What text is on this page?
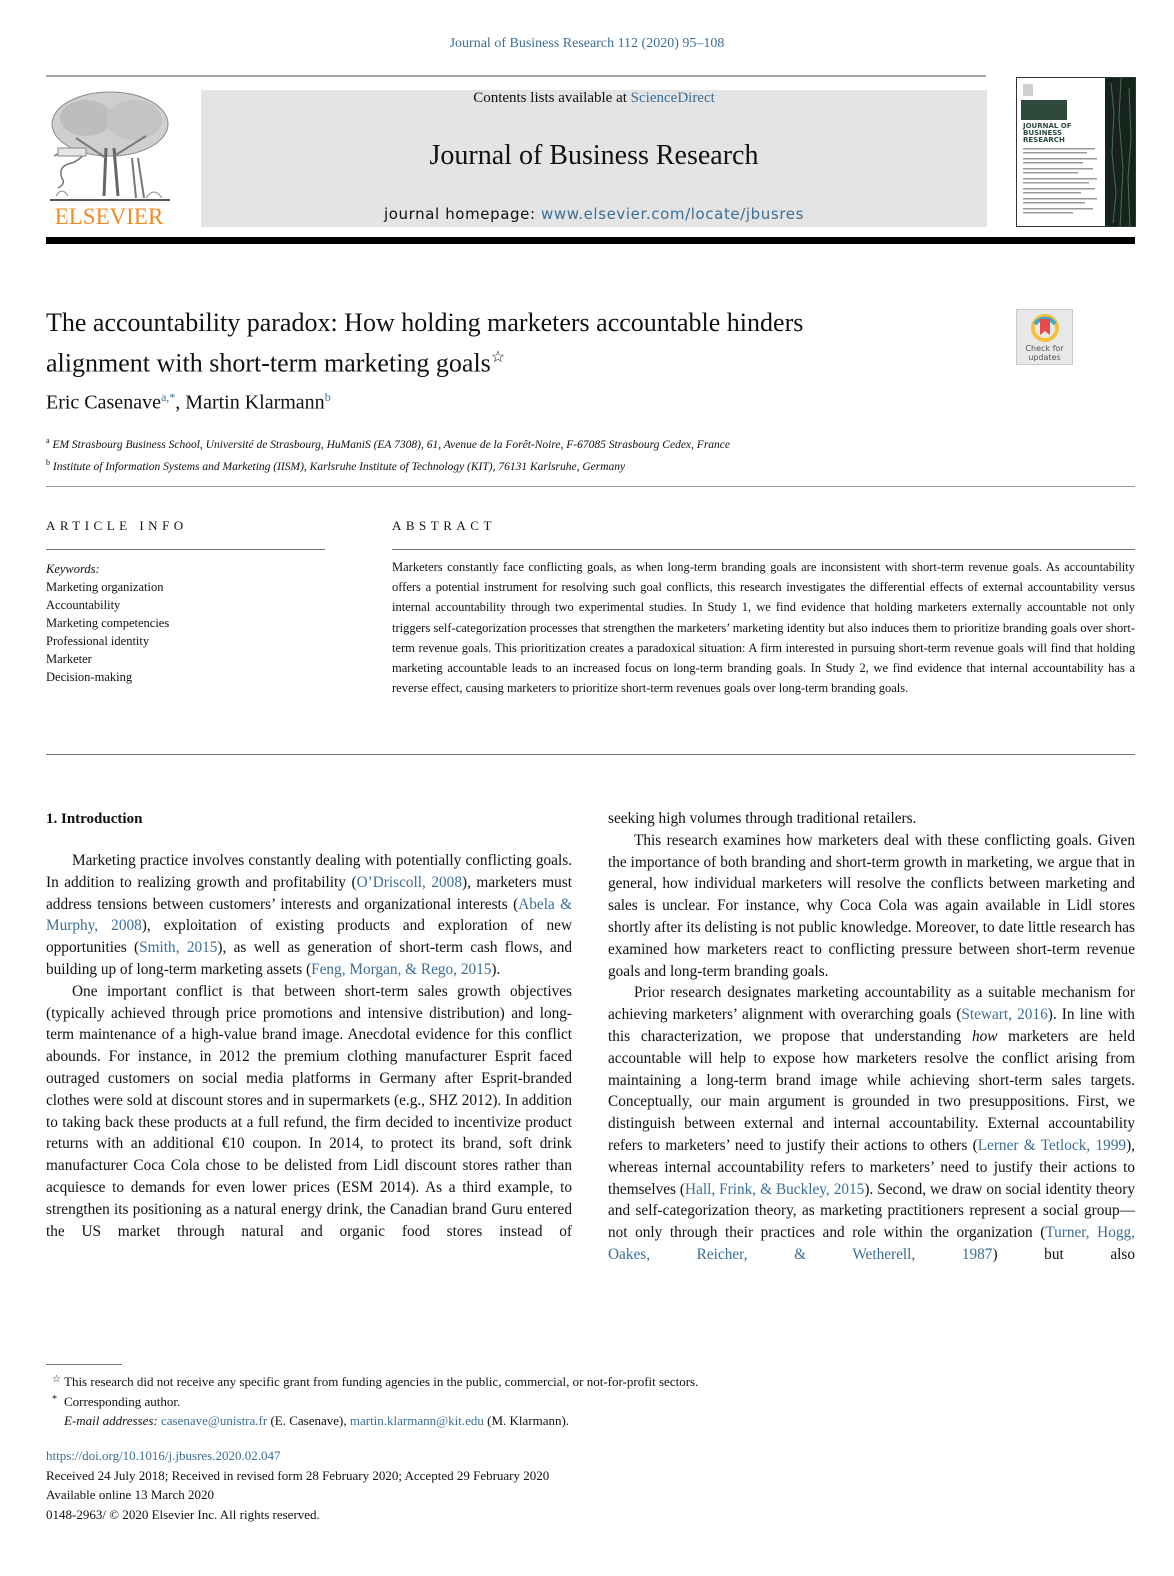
Journal of Business Research 112 (2020) 95–108
ELSEVIER
Contents lists available at ScienceDirect
Journal of Business Research
journal homepage: www.elsevier.com/locate/jbusres
JOURNAL OF
BUSINESS
RESEARCH
The accountability paradox: How holding marketers accountable hinders
alignment with short-term marketing goals☆
Check for updates
Eric Casenave$^{a,*}$, Martin Klarmann$^b$
$^a$ EM Strasbourg Business School, Université de Strasbourg, HuManiS (EA 7308), 61, Avenue de la Forêt-Noire, F-67085 Strasbourg Cedex, France
$^b$ Institute of Information Systems and Marketing (IISM), Karlsruhe Institute of Technology (KIT), 76131 Karlsruhe, Germany
ARTICLE INFO
Keywords:
Marketing organization
Accountability
Marketing competencies
Professional identity
Marketer
Decision-making
ABSTRACT
Marketers constantly face conflicting goals, as when long-term branding goals are inconsistent with short-term revenue goals. As accountability offers a potential instrument for resolving such goal conflicts, this research investigates the differential effects of external accountability versus internal accountability through two experimental studies. In Study 1, we find evidence that holding marketers externally accountable not only triggers self-categorization processes that strengthen the marketers’ marketing identity but also induces them to prioritize branding goals over short-term revenue goals. This prioritization creates a paradoxical situation: A firm interested in pursuing short-term revenue goals will find that holding marketing accountable leads to an increased focus on long-term branding goals. In Study 2, we find evidence that internal accountability has a reverse effect, causing marketers to prioritize short-term revenues goals over long-term branding goals.
1. Introduction

Marketing practice involves constantly dealing with potentially conflicting goals. In addition to realizing growth and profitability (O’Driscoll, 2008), marketers must address tensions between customers’ interests and organizational interests (Abela & Murphy, 2008), exploitation of existing products and exploration of new opportunities (Smith, 2015), as well as generation of short-term cash flows, and building up of long-term marketing assets (Feng, Morgan, & Rego, 2015).

One important conflict is that between short-term sales growth objectives (typically achieved through price promotions and intensive distribution) and long-term maintenance of a high-value brand image. Anecdotal evidence for this conflict abounds. For instance, in 2012 the premium clothing manufacturer Esprit faced outraged customers on social media platforms in Germany after Esprit-branded clothes were sold at discount stores and in supermarkets (e.g., SHZ 2012). In addition to taking back these products at a full refund, the firm decided to incentivize product returns with an additional €10 coupon. In 2014, to protect its brand, soft drink manufacturer Coca Cola chose to be delisted from Lidl discount stores rather than acquiesce to demands for even lower prices (ESM 2014). As a third example, to strengthen its positioning as a natural energy drink, the Canadian brand Guru entered the US market through natural and organic food stores instead of

seeking high volumes through traditional retailers.

This research examines how marketers deal with these conflicting goals. Given the importance of both branding and short-term growth in marketing, we argue that in general, how individual marketers will resolve the conflicts between marketing and sales is unclear. For instance, why Coca Cola was again available in Lidl stores shortly after its delisting is not public knowledge. Moreover, to date little research has examined how marketers react to conflicting pressure between short-term revenue goals and long-term branding goals.

Prior research designates marketing accountability as a suitable mechanism for achieving marketers’ alignment with overarching goals (Stewart, 2016). In line with this characterization, we propose that understanding how marketers are held accountable will help to expose how marketers resolve the conflict arising from maintaining a long-term brand image while achieving short-term sales targets. Conceptually, our main argument is grounded in two presuppositions. First, we distinguish between external and internal accountability. External accountability refers to marketers’ need to justify their actions to others (Lerner & Tetlock, 1999), whereas internal accountability refers to marketers’ need to justify their actions to themselves (Hall, Frink, & Buckley, 2015). Second, we draw on social identity theory and self-categorization theory, as marketing practitioners represent a social group—not only through their practices and role within the organization (Turner, Hogg, Oakes, Reicher, & Wetherell, 1987) but also

☆ This research did not receive any specific grant from funding agencies in the public, commercial, or not-for-profit sectors.
* Corresponding author.
E-mail addresses: casenave@unistra.fr (E. Casenave), martin.klarmann@kit.edu (M. Klarmann).
https://doi.org/10.1016/j.jbusres.2020.02.047
Received 24 July 2018; Received in revised form 28 February 2020; Accepted 29 February 2020
Available online 13 March 2020
0148-2963/ © 2020 Elsevier Inc. All rights reserved.
